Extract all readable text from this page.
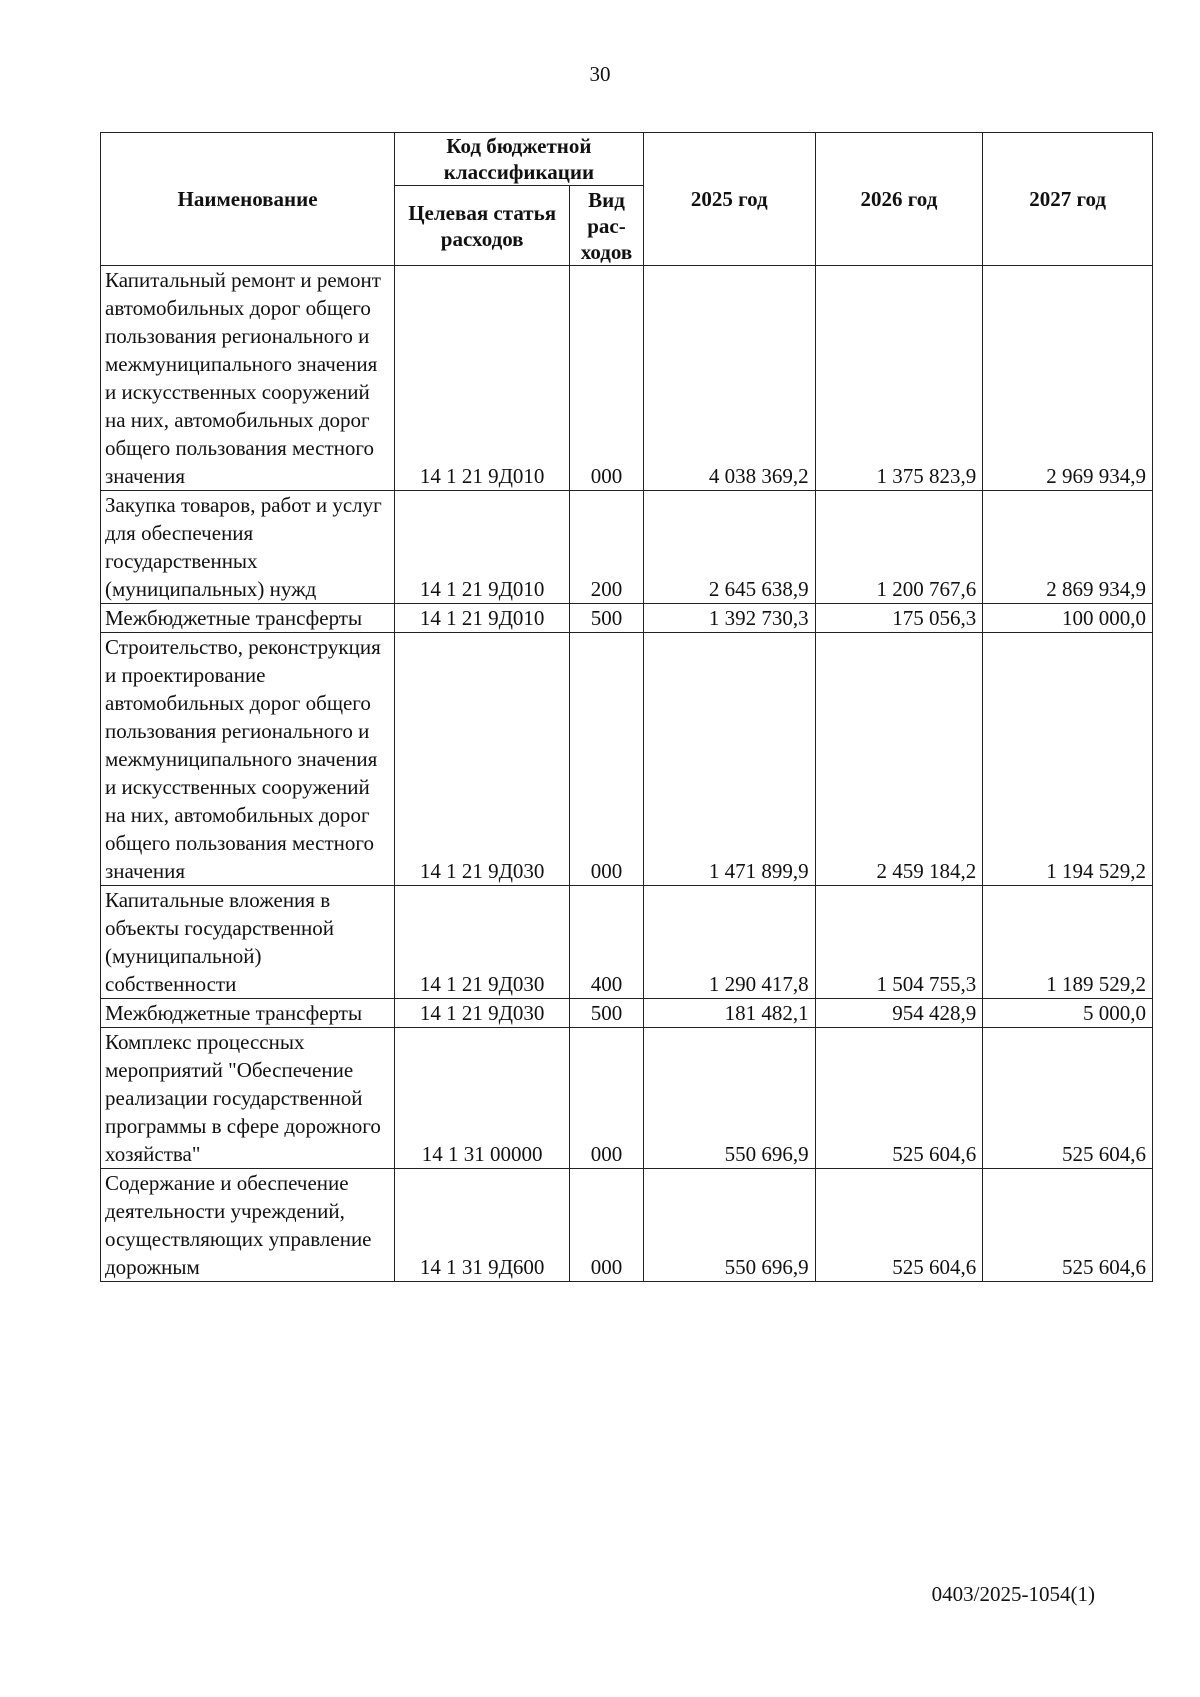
30
Наименование	Код бюджетной классификации		2025 год	2026 год	2027 год
	Целевая статья расходов	Вид рас- ходов			
Капитальный ремонт и ремонт автомобильных дорог общего пользования регионального и межмуниципального значения и искусственных сооружений на них, автомобильных дорог общего пользования местного значения	14 1 21 9Д010	000	4 038 369,2	1 375 823,9	2 969 934,9
Закупка товаров, работ и услуг для обеспечения государственных (муниципальных) нужд	14 1 21 9Д010	200	2 645 638,9	1 200 767,6	2 869 934,9
Межбюджетные трансферты	14 1 21 9Д010	500	1 392 730,3	175 056,3	100 000,0
Строительство, реконструкция и проектирование автомобильных дорог общего пользования регионального и межмуниципального значения и искусственных сооружений на них, автомобильных дорог общего пользования местного значения	14 1 21 9Д030	000	1 471 899,9	2 459 184,2	1 194 529,2
Капитальные вложения в объекты государственной (муниципальной) собственности	14 1 21 9Д030	400	1 290 417,8	1 504 755,3	1 189 529,2
Межбюджетные трансферты	14 1 21 9Д030	500	181 482,1	954 428,9	5 000,0
Комплекс процессных мероприятий "Обеспечение реализации государственной программы в сфере дорожного хозяйства"	14 1 31 00000	000	550 696,9	525 604,6	525 604,6
Содержание и обеспечение деятельности учреждений, осуществляющих управление дорожным	14 1 31 9Д600	000	550 696,9	525 604,6	525 604,6
0403/2025-1054(1)
